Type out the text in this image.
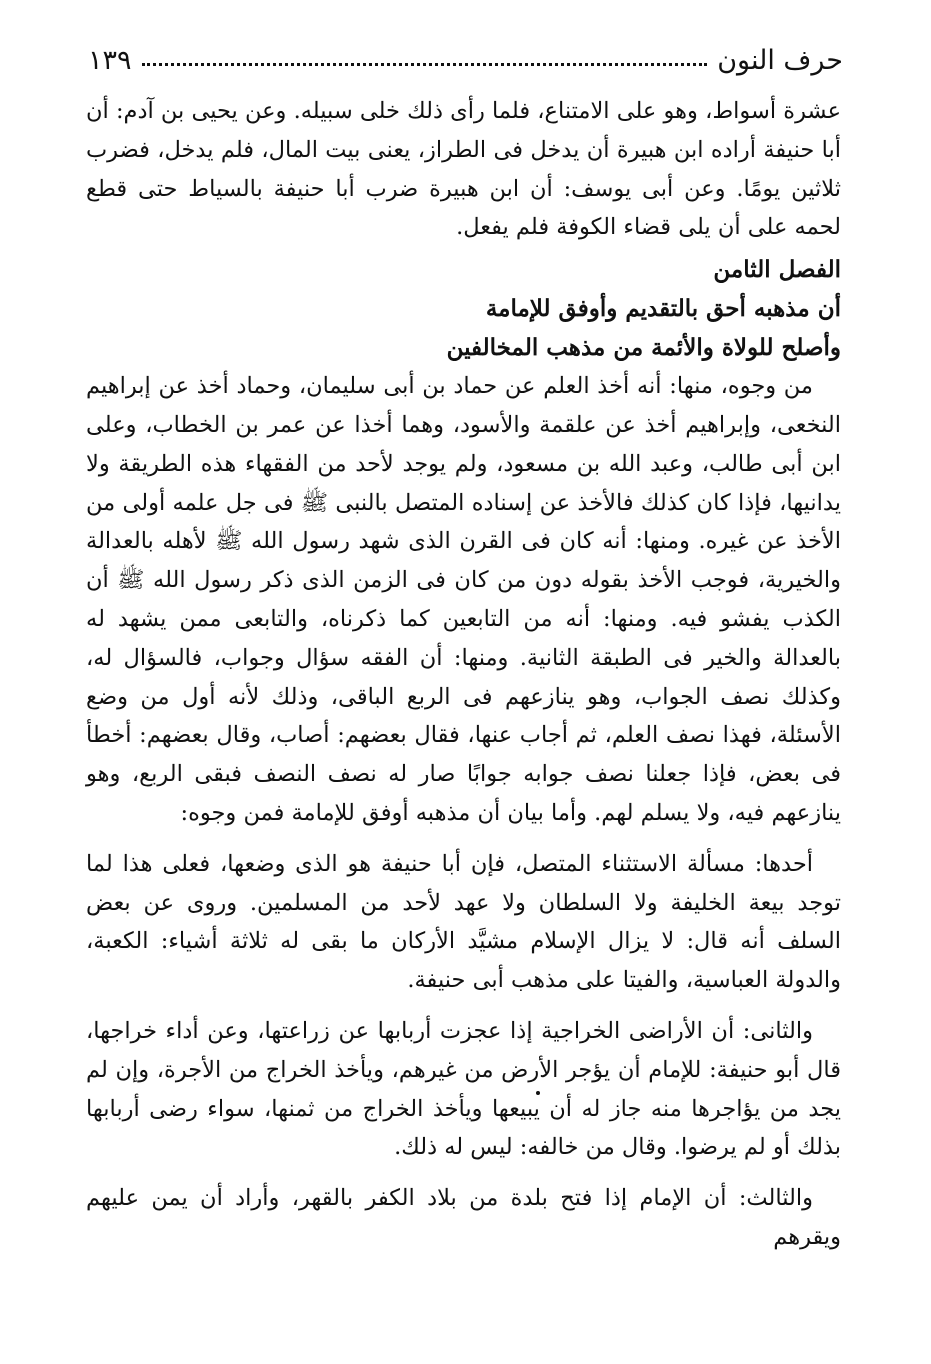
حرف النون
١٣٩

عشرة أسواط، وهو على الامتناع، فلما رأى ذلك خلى سبيله. وعن يحيى بن آدم: أن أبا حنيفة أراده ابن هبيرة أن يدخل فى الطراز، يعنى بيت المال، فلم يدخل، فضرب ثلاثين يومًا. وعن أبى يوسف: أن ابن هبيرة ضرب أبا حنيفة بالسياط حتى قطع لحمه على أن يلى قضاء الكوفة فلم يفعل.

الفصل الثامن

أن مذهبه أحق بالتقديم وأوفق للإمامة

وأصلح للولاة والأئمة من مذهب المخالفين

من وجوه، منها: أنه أخذ العلم عن حماد بن أبى سليمان، وحماد أخذ عن إبراهيم النخعى، وإبراهيم أخذ عن علقمة والأسود، وهما أخذا عن عمر بن الخطاب، وعلى ابن أبى طالب، وعبد الله بن مسعود، ولم يوجد لأحد من الفقهاء هذه الطريقة ولا يدانيها، فإذا كان كذلك فالأخذ عن إسناده المتصل بالنبى ﷺ فى جل علمه أولى من الأخذ عن غيره. ومنها: أنه كان فى القرن الذى شهد رسول الله ﷺ لأهله بالعدالة والخيرية، فوجب الأخذ بقوله دون من كان فى الزمن الذى ذكر رسول الله ﷺ أن الكذب يفشو فيه. ومنها: أنه من التابعين كما ذكرناه، والتابعى ممن يشهد له بالعدالة والخير فى الطبقة الثانية. ومنها: أن الفقه سؤال وجواب، فالسؤال له، وكذلك نصف الجواب، وهو ينازعهم فى الربع الباقى، وذلك لأنه أول من وضع الأسئلة، فهذا نصف العلم، ثم أجاب عنها، فقال بعضهم: أصاب، وقال بعضهم: أخطأ فى بعض، فإذا جعلنا نصف جوابه جوابًا صار له نصف النصف فبقى الربع، وهو ينازعهم فيه، ولا يسلم لهم. وأما بيان أن مذهبه أوفق للإمامة فمن وجوه:

أحدها: مسألة الاستثناء المتصل، فإن أبا حنيفة هو الذى وضعها، فعلى هذا لما توجد بيعة الخليفة ولا السلطان ولا عهد لأحد من المسلمين. وروى عن بعض السلف أنه قال: لا يزال الإسلام مشيَّد الأركان ما بقى له ثلاثة أشياء: الكعبة، والدولة العباسية، والفيتا على مذهب أبى حنيفة.

والثانى: أن الأراضى الخراجية إذا عجزت أربابها عن زراعتها، وعن أداء خراجها، قال أبو حنيفة: للإمام أن يؤجر الأرض من غيرهم، ويأخذ الخراج من الأجرة، وإن لم يجد من يؤاجرها منه جاز له أن يبيعها ويأخذ الخراج من ثمنها، سواء رضى أربابها بذلك أو لم يرضوا. وقال من خالفه: ليس له ذلك.

والثالث: أن الإمام إذا فتح بلدة من بلاد الكفر بالقهر، وأراد أن يمن عليهم ويقرهم
